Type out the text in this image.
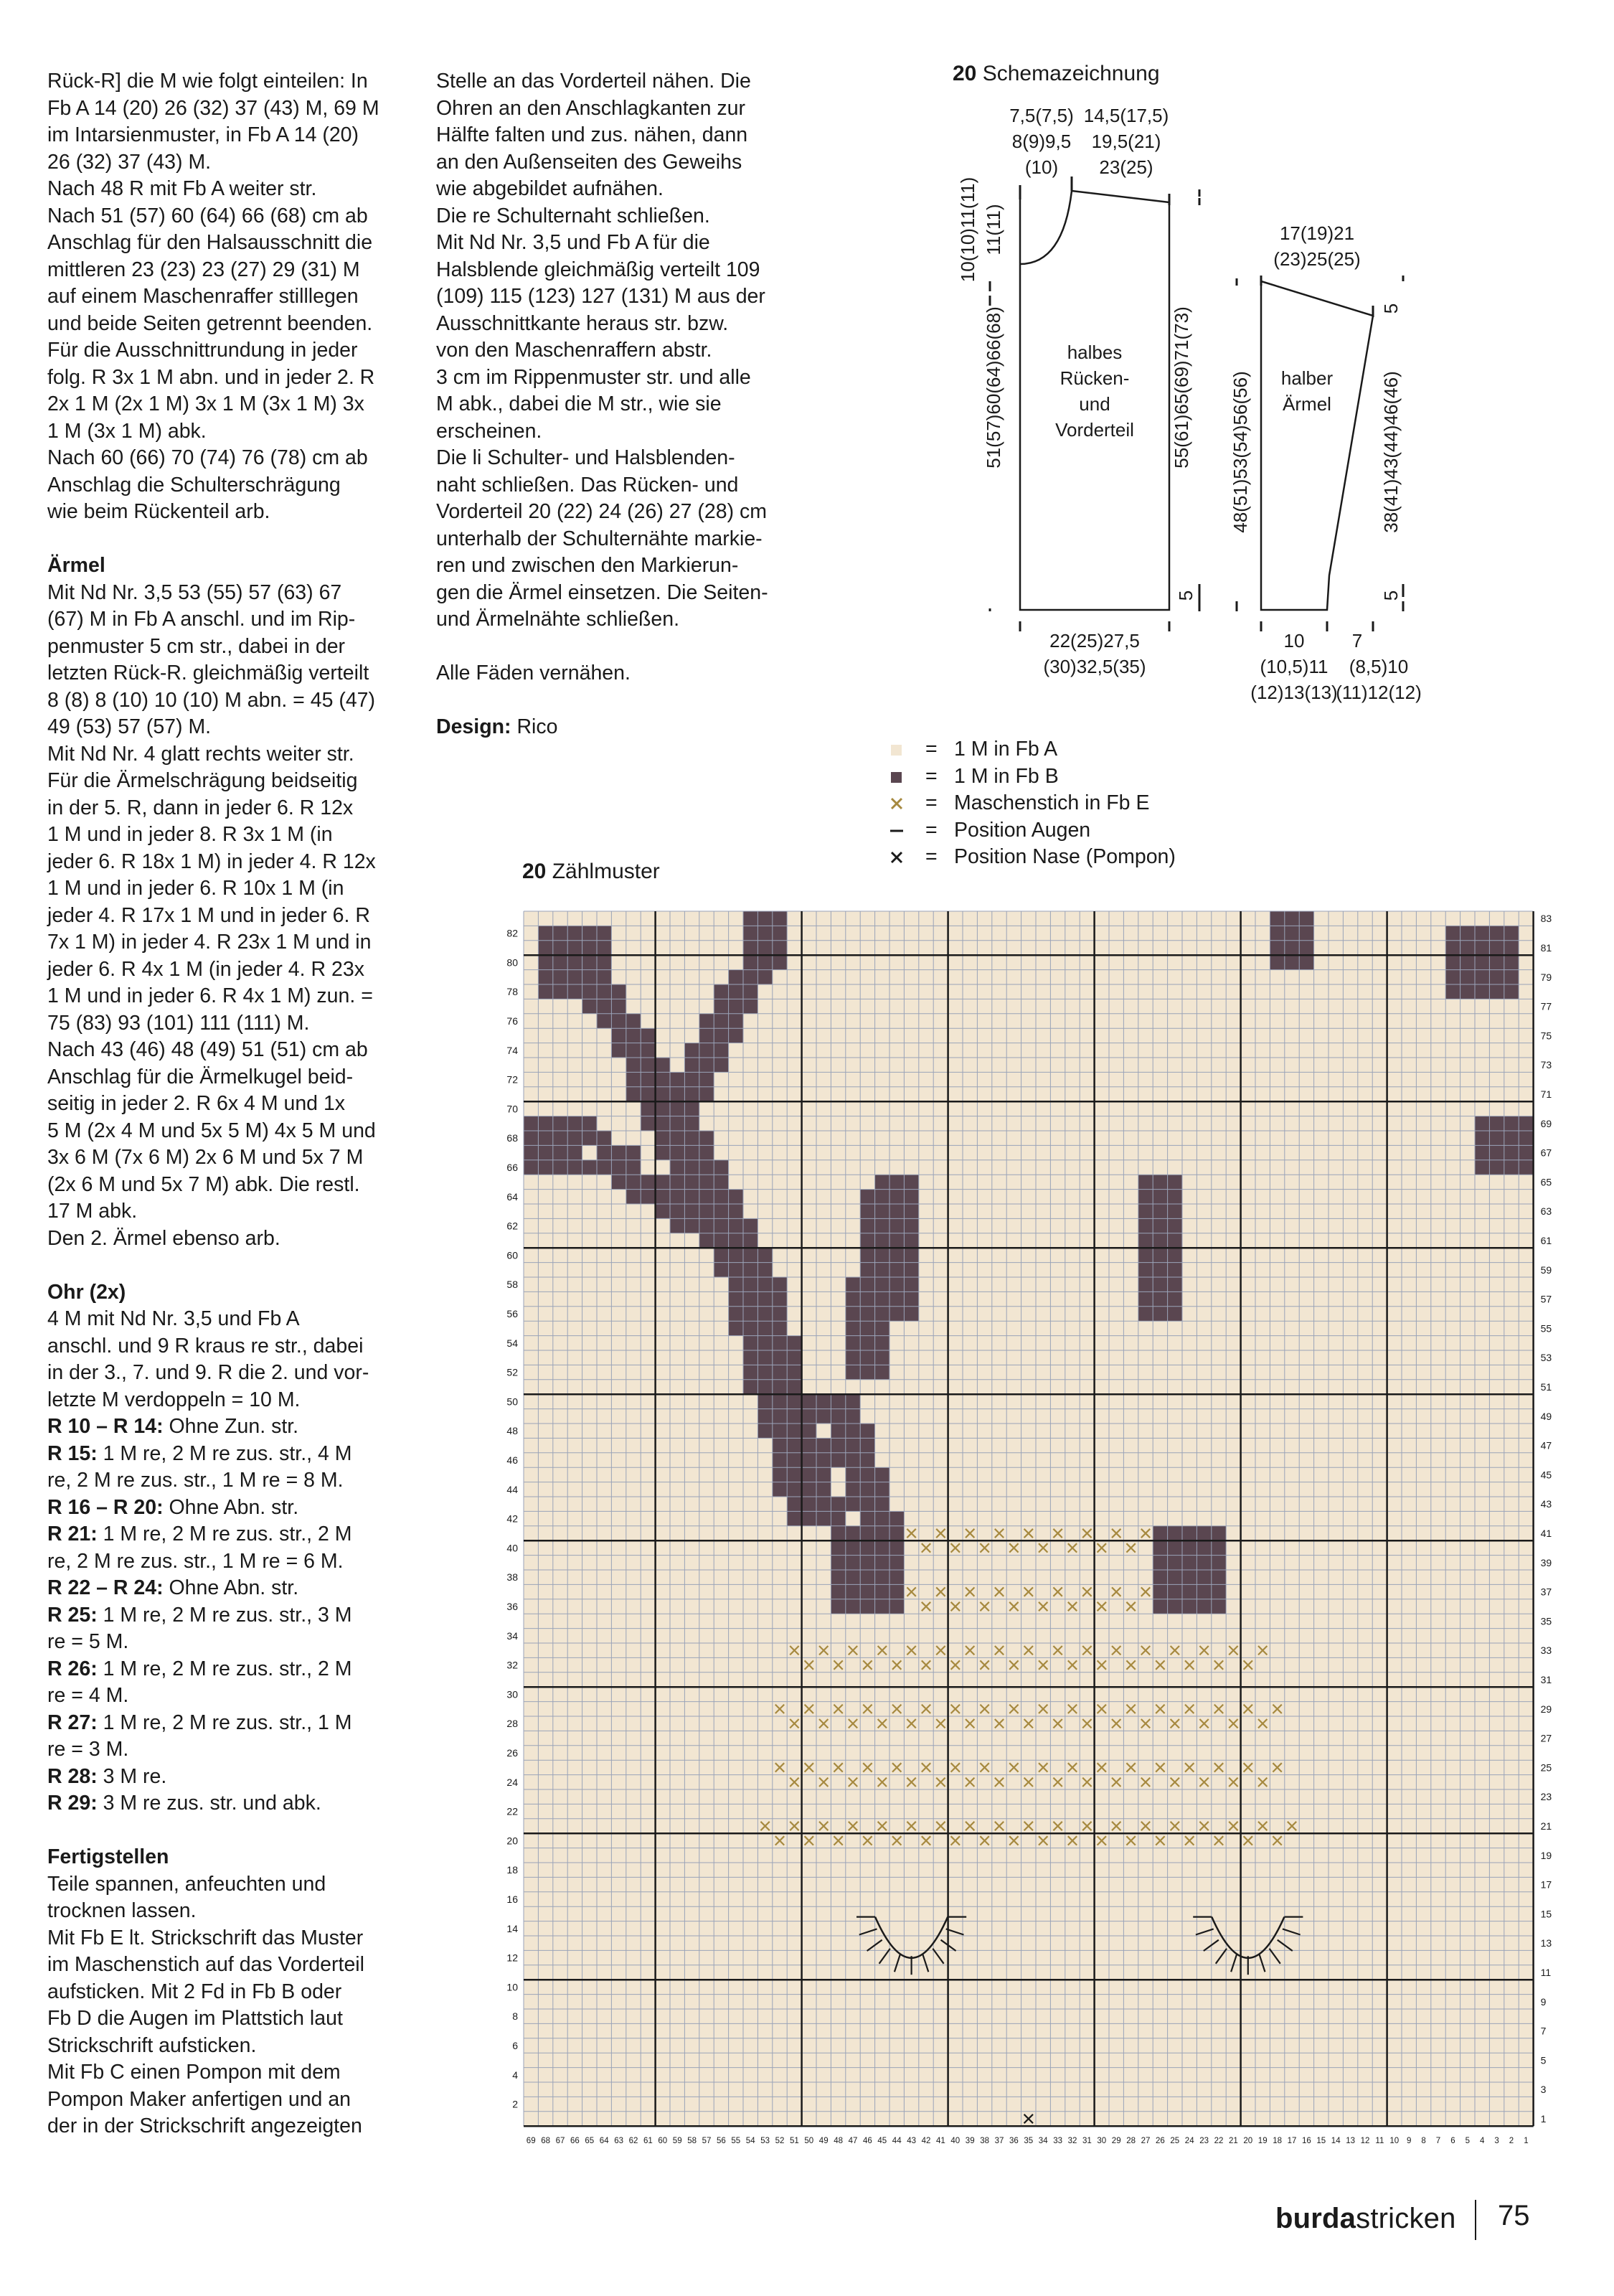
Rück-R] die M wie folgt einteilen: In

Fb A 14 (20) 26 (32) 37 (43) M, 69 M

im Intarsienmuster, in Fb A 14 (20)

26 (32) 37 (43) M.

Nach 48 R mit Fb A weiter str.

Nach 51 (57) 60 (64) 66 (68) cm ab

Anschlag für den Halsausschnitt die

mittleren 23 (23) 23 (27) 29 (31) M

auf einem Maschenraffer stilllegen

und beide Seiten getrennt beenden.

Für die Ausschnittrundung in jeder

folg. R 3x 1 M abn. und in jeder 2. R

2x 1 M (2x 1 M) 3x 1 M (3x 1 M) 3x

1 M (3x 1 M) abk.

Nach 60 (66) 70 (74) 76 (78) cm ab

Anschlag die Schulterschrägung

wie beim Rückenteil arb.

Ärmel

Mit Nd Nr. 3,5 53 (55) 57 (63) 67

(67) M in Fb A anschl. und im Rip-

penmuster 5 cm str., dabei in der

letzten Rück-R. gleichmäßig verteilt

8 (8) 8 (10) 10 (10) M abn. = 45 (47)

49 (53) 57 (57) M.

Mit Nd Nr. 4 glatt rechts weiter str.

Für die Ärmelschrägung beidseitig

in der 5. R, dann in jeder 6. R 12x

1 M und in jeder 8. R 3x 1 M (in

jeder 6. R 18x 1 M) in jeder 4. R 12x

1 M und in jeder 6. R 10x 1 M (in

jeder 4. R 17x 1 M und in jeder 6. R

7x 1 M) in jeder 4. R 23x 1 M und in

jeder 6. R 4x 1 M (in jeder 4. R 23x

1 M und in jeder 6. R 4x 1 M) zun. =

75 (83) 93 (101) 111 (111) M.

Nach 43 (46) 48 (49) 51 (51) cm ab

Anschlag für die Ärmelkugel beid-

seitig in jeder 2. R 6x 4 M und 1x

5 M (2x 4 M und 5x 5 M) 4x 5 M und

3x 6 M (7x 6 M) 2x 6 M und 5x 7 M

(2x 6 M und 5x 7 M) abk. Die restl.

17 M abk.

Den 2. Ärmel ebenso arb.

Ohr (2x)

4 M mit Nd Nr. 3,5 und Fb A

anschl. und 9 R kraus re str., dabei

in der 3., 7. und 9. R die 2. und vor-

letzte M verdoppeln = 10 M.

R 10 – R 14: Ohne Zun. str.

R 15: 1 M re, 2 M re zus. str., 4 M

re, 2 M re zus. str., 1 M re = 8 M.

R 16 – R 20: Ohne Abn. str.

R 21: 1 M re, 2 M re zus. str., 2 M

re, 2 M re zus. str., 1 M re = 6 M.

R 22 – R 24: Ohne Abn. str.

R 25: 1 M re, 2 M re zus. str., 3 M

re = 5 M.

R 26: 1 M re, 2 M re zus. str., 2 M

re = 4 M.

R 27: 1 M re, 2 M re zus. str., 1 M

re = 3 M.

R 28: 3 M re.

R 29: 3 M re zus. str. und abk.

Fertigstellen

Teile spannen, anfeuchten und

trocknen lassen.

Mit Fb E lt. Strickschrift das Muster

im Maschenstich auf das Vorderteil

aufsticken. Mit 2 Fd in Fb B oder

Fb D die Augen im Plattstich laut

Strickschrift aufsticken.

Mit Fb C einen Pompon mit dem

Pompon Maker anfertigen und an

der in der Strickschrift angezeigten

Stelle an das Vorderteil nähen. Die

Ohren an den Anschlagkanten zur

Hälfte falten und zus. nähen, dann

an den Außenseiten des Geweihs

wie abgebildet aufnähen.

Die re Schulternaht schließen.

Mit Nd Nr. 3,5 und Fb A für die

Halsblende gleichmäßig verteilt 109

(109) 115 (123) 127 (131) M aus der

Ausschnittkante heraus str. bzw.

von den Maschenraffern abstr.

3 cm im Rippenmuster str. und alle

M abk., dabei die M str., wie sie

erscheinen.

Die li Schulter- und Halsblenden-

naht schließen. Das Rücken- und

Vorderteil 20 (22) 24 (26) 27 (28) cm

unterhalb der Schulternähte markie-

ren und zwischen den Markierun-

gen die Ärmel einsetzen. Die Seiten-

und Ärmelnähte schließen.

Alle Fäden vernähen.

Design: Rico

20 Schemazeichnung
7,5(7,5)
8(9)9,5
(10)
14,5(17,5)
19,5(21)
23(25)
10(10)11(11) 11(11)
51(57)60(64)66(68)	55(61)65(69)71(73)
halbes
Rücken-
und
Vorderteil
5
22(25)27,5
(30)32,5(35)
17(19)21
(23)25(25)
5
48(51)53(54)56(56)	38(41)43(44)46(46)
halber
Ärmel
5
10
(10,5)11
(12)13(13)
7
(8,5)10
(11)12(12)
= 1 M in Fb A
= 1 M in Fb B
= Maschenstich in Fb E
= Position Augen
= Position Nase (Pompon)
20 Zählmuster
69 68 67 66 65 64 63 62 61 60 59 58 57 56 55 54 53 52 51 50 49 48 47 46 45 44 43 42 41 40 39 38 37 36 35 34 33 32 31 30 29 28 27 26 25 24 23 22 21 20 19 18 17 16 15 14 13 12 11 10 9 8 7 6 5 4 3 2 1
82
80
78
76
74
72
70
68
66
64
62
60
58
56
54
52
50
48
46
44
42
40
38
36
34
32
30
28
26
24
22
20
18
16
14
12
10
8
6
4
2
83
81
79
77
75
73
71
69
67
65
63
61
59
57
55
53
51
49
47
45
43
41
39
37
35
33
31
29
27
25
23
21
19
17
15
13
11
9
7
5
3
1
burdastricken 75
